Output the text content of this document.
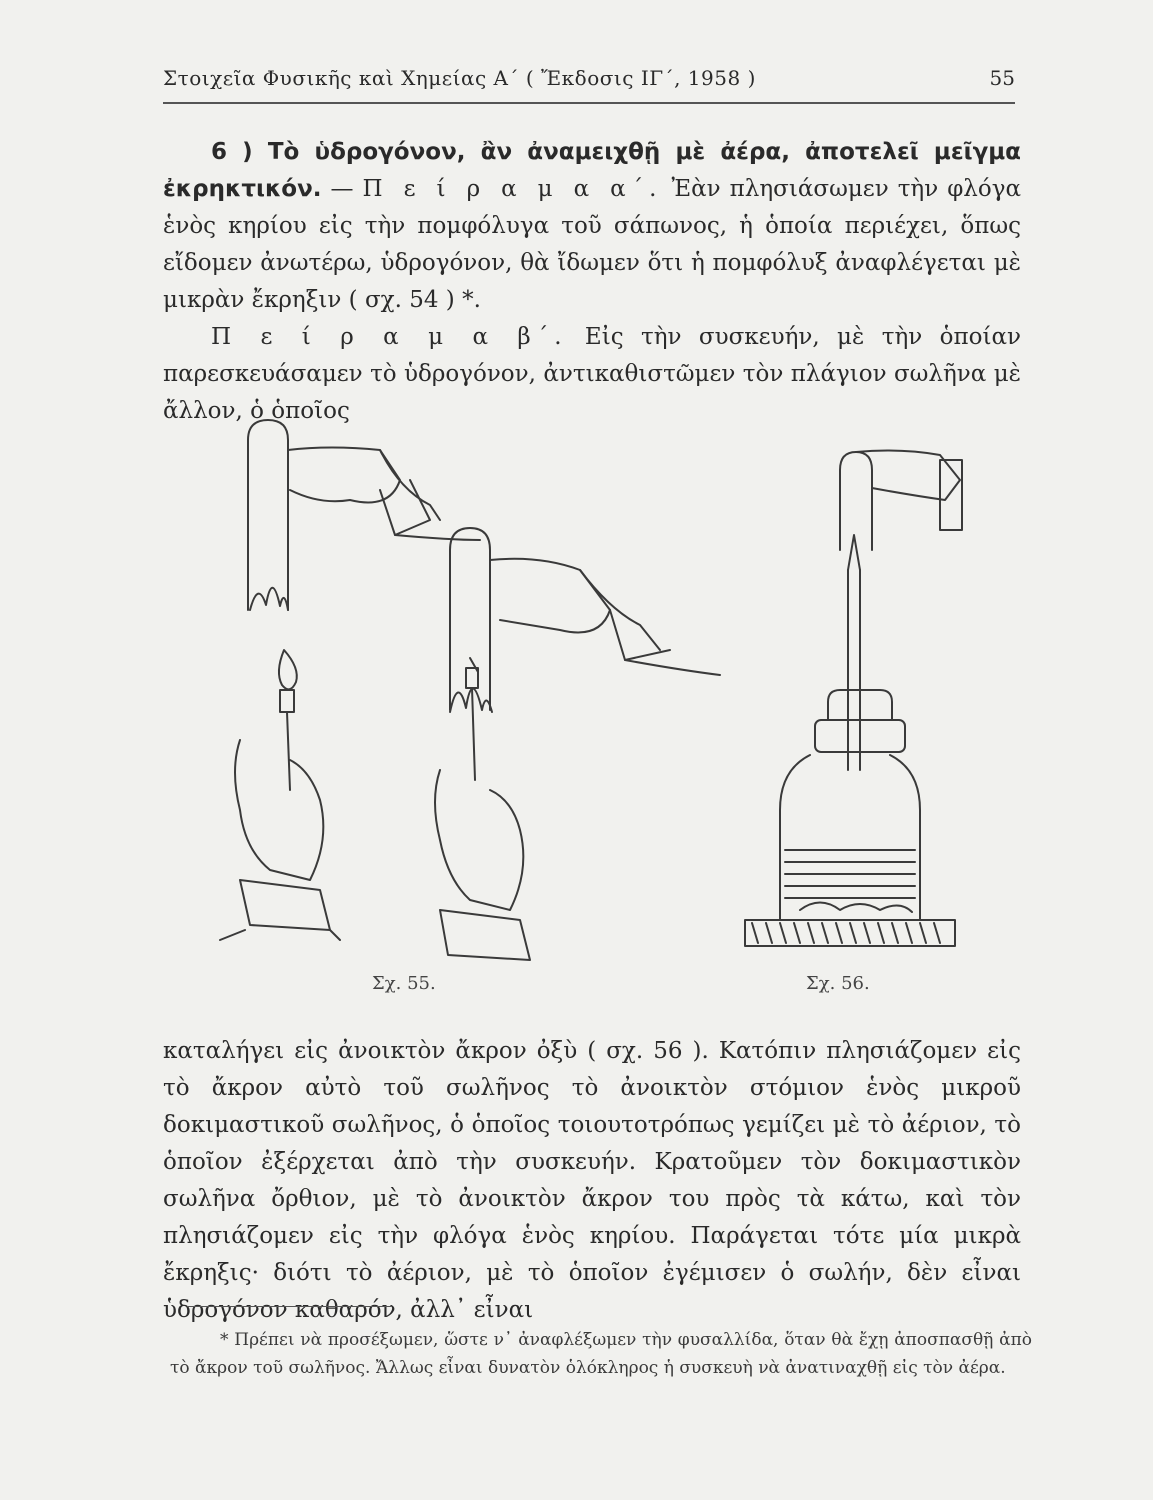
Στοιχεῖα Φυσικῆς καὶ Χημείας Α΄ ( Ἔκδοσις ΙΓ΄, 1958 )	55

6 ) Τὸ ὑδρογόνον, ἂν ἀναμειχθῇ μὲ ἀέρα, ἀποτελεῖ μεῖγμα ἐκρηκτικόν. — Π ε ί ρ α μ α α΄. Ἐὰν πλησιάσωμεν τὴν φλόγα ἑνὸς κηρίου εἰς τὴν πομφόλυγα τοῦ σάπωνος, ἡ ὁποία περιέχει, ὅπως εἴδομεν ἀνωτέρω, ὑδρογόνον, θὰ ἴδωμεν ὅτι ἡ πομφόλυξ ἀναφλέγεται μὲ μικρὰν ἔκρηξιν ( σχ. 54 ) *.

Π ε ί ρ α μ α β΄. Εἰς τὴν συσκευήν, μὲ τὴν ὁποίαν παρεσκευάσαμεν τὸ ὑδρογόνον, ἀντικαθιστῶμεν τὸν πλάγιον σωλῆνα μὲ ἄλλον, ὁ ὁποῖος

Σχ. 55.	Σχ. 56.

καταλήγει εἰς ἀνοικτὸν ἄκρον ὀξὺ ( σχ. 56 ). Κατόπιν πλησιάζομεν εἰς τὸ ἄκρον αὐτὸ τοῦ σωλῆνος τὸ ἀνοικτὸν στόμιον ἑνὸς μικροῦ δοκιμαστικοῦ σωλῆνος, ὁ ὁποῖος τοιουτοτρόπως γεμίζει μὲ τὸ ἀέριον, τὸ ὁποῖον ἐξέρχεται ἀπὸ τὴν συσκευήν. Κρατοῦμεν τὸν δοκιμαστικὸν σωλῆνα ὄρθιον, μὲ τὸ ἀνοικτὸν ἄκρον του πρὸς τὰ κάτω, καὶ τὸν πλησιάζομεν εἰς τὴν φλόγα ἑνὸς κηρίου. Παράγεται τότε μία μικρὰ ἔκρηξις· διότι τὸ ἀέριον, μὲ τὸ ὁποῖον ἐγέμισεν ὁ σωλήν, δὲν εἶναι ὑδρογόνον καθαρόν, ἀλλ᾽ εἶναι

* Πρέπει νὰ προσέξωμεν, ὥστε ν᾽ ἀναφλέξωμεν τὴν φυσαλλίδα, ὅταν θὰ ἔχῃ ἀποσπασθῇ ἀπὸ τὸ ἄκρον τοῦ σωλῆνος. Ἄλλως εἶναι δυνατὸν ὁλόκληρος ἡ συσκευὴ νὰ ἀνατιναχθῇ εἰς τὸν ἀέρα.
